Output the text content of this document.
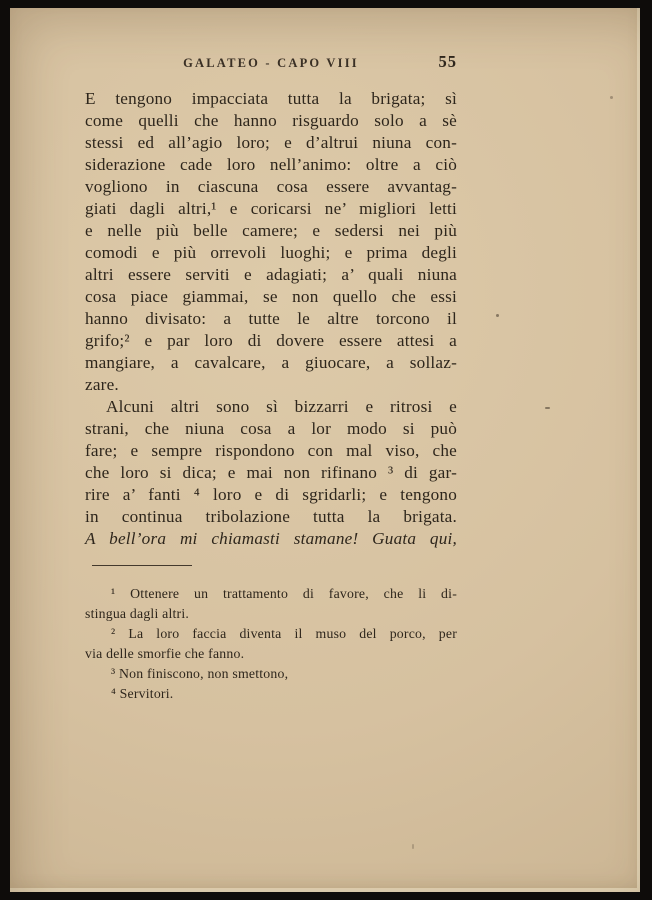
GALATEO - CAPO VIII	55
E tengono impacciata tutta la brigata; sì
come quelli che hanno risguardo solo a sè
stessi ed all’agio loro; e d’altrui niuna con-
siderazione cade loro nell’animo: oltre a ciò
vogliono in ciascuna cosa essere avvantag-
giati dagli altri,¹ e coricarsi ne’ migliori letti
e nelle più belle camere; e sedersi nei più
comodi e più orrevoli luoghi; e prima degli
altri essere serviti e adagiati; a’ quali niuna
cosa piace giammai, se non quello che essi
hanno divisato: a tutte le altre torcono il
grifo;² e par loro di dovere essere attesi a
mangiare, a cavalcare, a giuocare, a sollaz-
zare.
Alcuni altri sono sì bizzarri e ritrosi e
strani, che niuna cosa a lor modo si può
fare; e sempre rispondono con mal viso, che
che loro si dica; e mai non rifinano ³ di gar-
rire a’ fanti ⁴ loro e di sgridarli; e tengono
in continua tribolazione tutta la brigata.
A bell’ora mi chiamasti stamane! Guata qui,
¹ Ottenere un trattamento di favore, che li di-
stingua dagli altri.
² La loro faccia diventa il muso del porco, per
via delle smorfie che fanno.
³ Non finiscono, non smettono,
⁴ Servitori.
